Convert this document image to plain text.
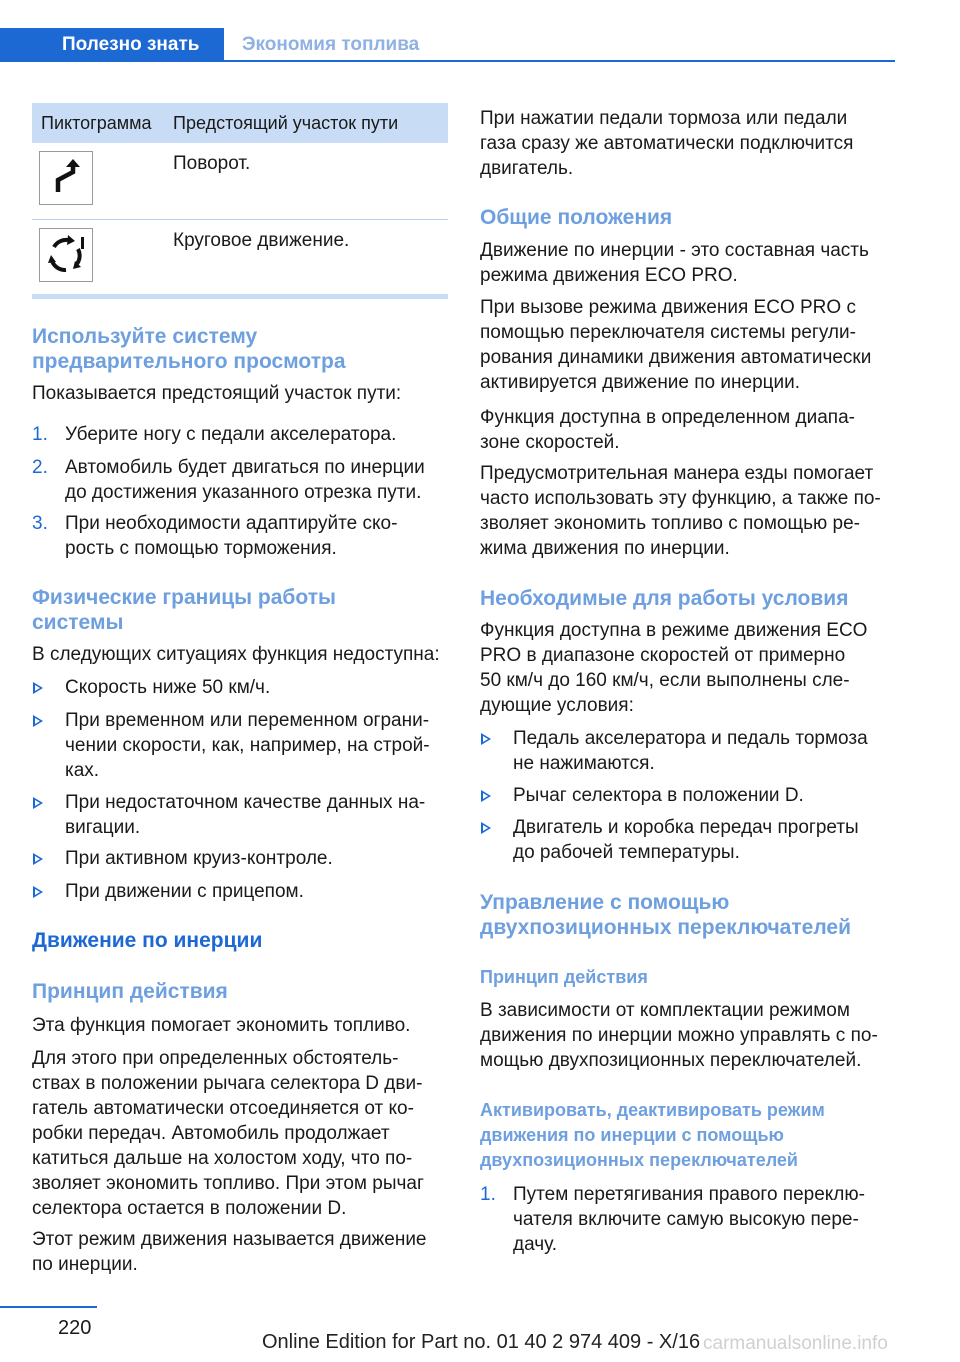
Полезно знать	Экономия топлива
Пиктограмма	Предстоящий участок пути
Поворот.
Круговое движение.
Используйте систему
предварительного просмотра
Показывается предстоящий участок пути:
1. Уберите ногу с педали акселератора.
2. Автомобиль будет двигаться по инерции
до достижения указанного отрезка пути.
3. При необходимости адаптируйте ско-
рость с помощью торможения.
Физические границы работы
системы
В следующих ситуациях функция недоступна:
Скорость ниже 50 км/ч.
При временном или переменном ограни-
чении скорости, как, например, на строй-
ках.
При недостаточном качестве данных на-
вигации.
При активном круиз-контроле.
При движении с прицепом.
Движение по инерции
Принцип действия
Эта функция помогает экономить топливо.
Для этого при определенных обстоятель-
ствах в положении рычага селектора D дви-
гатель автоматически отсоединяется от ко-
робки передач. Автомобиль продолжает
катиться дальше на холостом ходу, что по-
зволяет экономить топливо. При этом рычаг
селектора остается в положении D.
Этот режим движения называется движение
по инерции.
При нажатии педали тормоза или педали
газа сразу же автоматически подключится
двигатель.
Общие положения
Движение по инерции - это составная часть
режима движения ECO PRO.
При вызове режима движения ECO PRO с
помощью переключателя системы регули-
рования динамики движения автоматически
активируется движение по инерции.
Функция доступна в определенном диапа-
зоне скоростей.
Предусмотрительная манера езды помогает
часто использовать эту функцию, а также по-
зволяет экономить топливо с помощью ре-
жима движения по инерции.
Необходимые для работы условия
Функция доступна в режиме движения ECO
PRO в диапазоне скоростей от примерно
50 км/ч до 160 км/ч, если выполнены сле-
дующие условия:
Педаль акселератора и педаль тормоза
не нажимаются.
Рычаг селектора в положении D.
Двигатель и коробка передач прогреты
до рабочей температуры.
Управление с помощью
двухпозиционных переключателей
Принцип действия
В зависимости от комплектации режимом
движения по инерции можно управлять с по-
мощью двухпозиционных переключателей.
Активировать, деактивировать режим
движения по инерции с помощью
двухпозиционных переключателей
1. Путем перетягивания правого переклю-
чателя включите самую высокую пере-
дачу.
220
Online Edition for Part no. 01 40 2 974 409 - X/16 carmanualsonline.info
